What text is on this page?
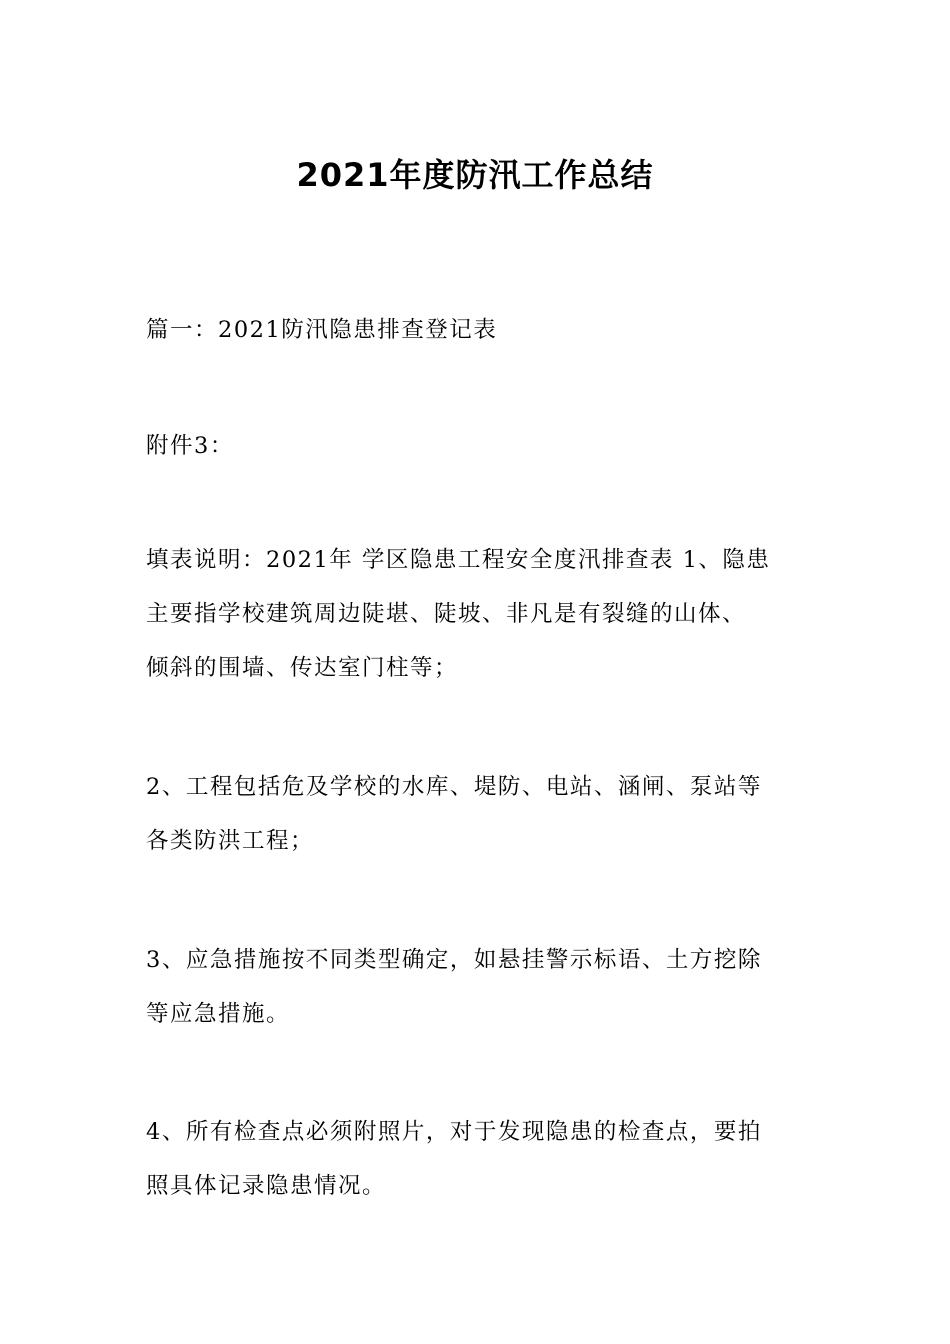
2021年度防汛工作总结

篇一：2021防汛隐患排查登记表

附件3：

填表说明：2021年 学区隐患工程安全度汛排查表 1、隐患
主要指学校建筑周边陡堪、陡坡、非凡是有裂缝的山体、
倾斜的围墙、传达室门柱等；

2、工程包括危及学校的水库、堤防、电站、涵闸、泵站等
各类防洪工程；

3、应急措施按不同类型确定，如悬挂警示标语、土方挖除
等应急措施。

4、所有检查点必须附照片，对于发现隐患的检查点，要拍
照具体记录隐患情况。
